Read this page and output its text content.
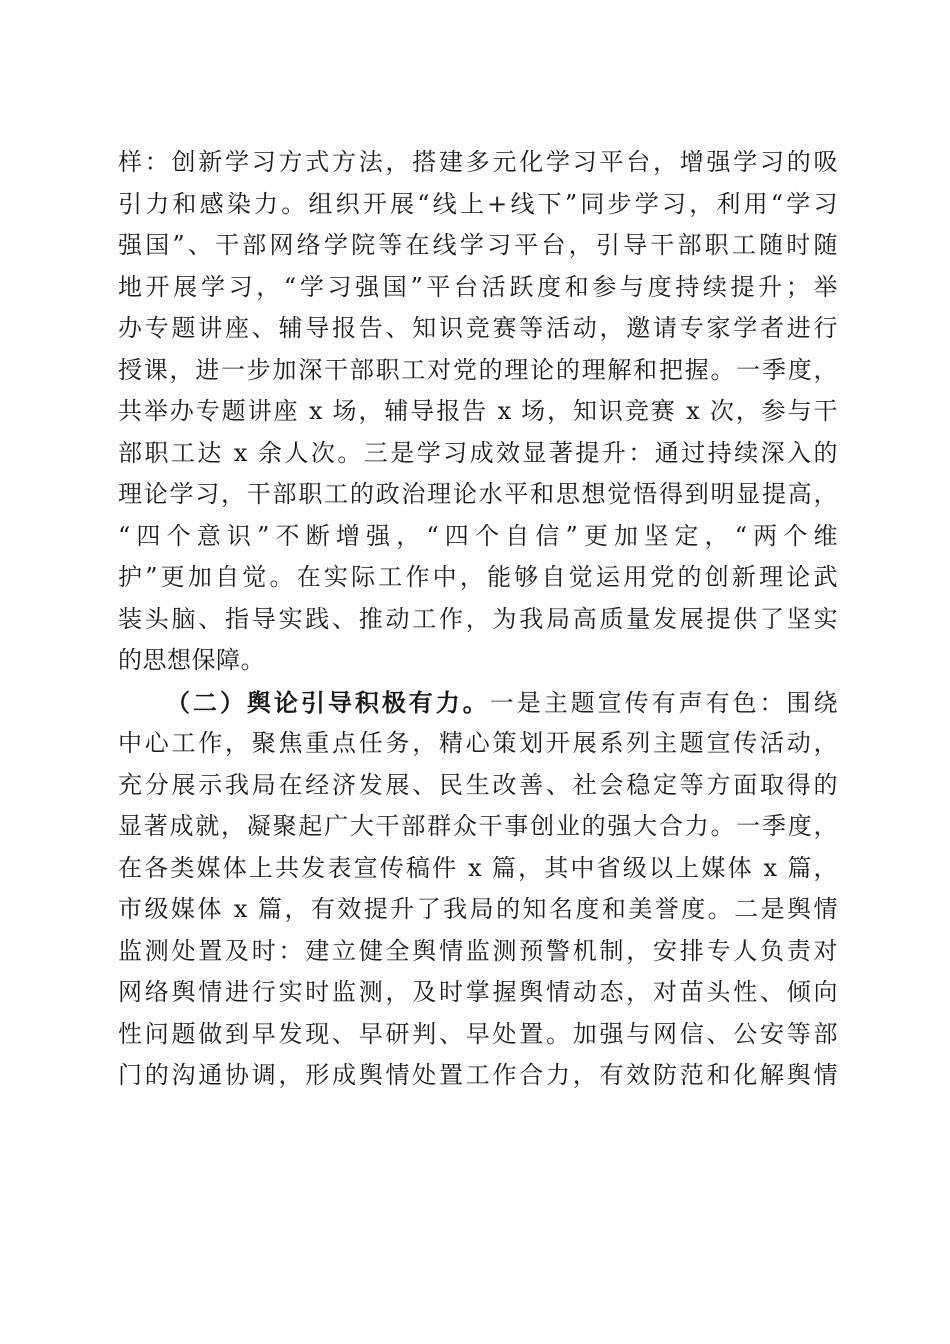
样：创新学习方式方法，搭建多元化学习平台，增强学习的吸
引力和感染力。组织开展“线上+线下”同步学习，利用“学习
强国”、干部网络学院等在线学习平台，引导干部职工随时随
地开展学习，“学习强国”平台活跃度和参与度持续提升；举
办专题讲座、辅导报告、知识竞赛等活动，邀请专家学者进行
授课，进一步加深干部职工对党的理论的理解和把握。一季度，
共举办专题讲座 x 场，辅导报告 x 场，知识竞赛 x 次，参与干
部职工达 x 余人次。三是学习成效显著提升：通过持续深入的
理论学习，干部职工的政治理论水平和思想觉悟得到明显提高，
“四个意识”不断增强，“四个自信”更加坚定，“两个维
护”更加自觉。在实际工作中，能够自觉运用党的创新理论武
装头脑、指导实践、推动工作，为我局高质量发展提供了坚实
的思想保障。
（二）舆论引导积极有力。一是主题宣传有声有色：围绕
中心工作，聚焦重点任务，精心策划开展系列主题宣传活动，
充分展示我局在经济发展、民生改善、社会稳定等方面取得的
显著成就，凝聚起广大干部群众干事创业的强大合力。一季度，
在各类媒体上共发表宣传稿件 x 篇，其中省级以上媒体 x 篇，
市级媒体 x 篇，有效提升了我局的知名度和美誉度。二是舆情
监测处置及时：建立健全舆情监测预警机制，安排专人负责对
网络舆情进行实时监测，及时掌握舆情动态，对苗头性、倾向
性问题做到早发现、早研判、早处置。加强与网信、公安等部
门的沟通协调，形成舆情处置工作合力，有效防范和化解舆情
